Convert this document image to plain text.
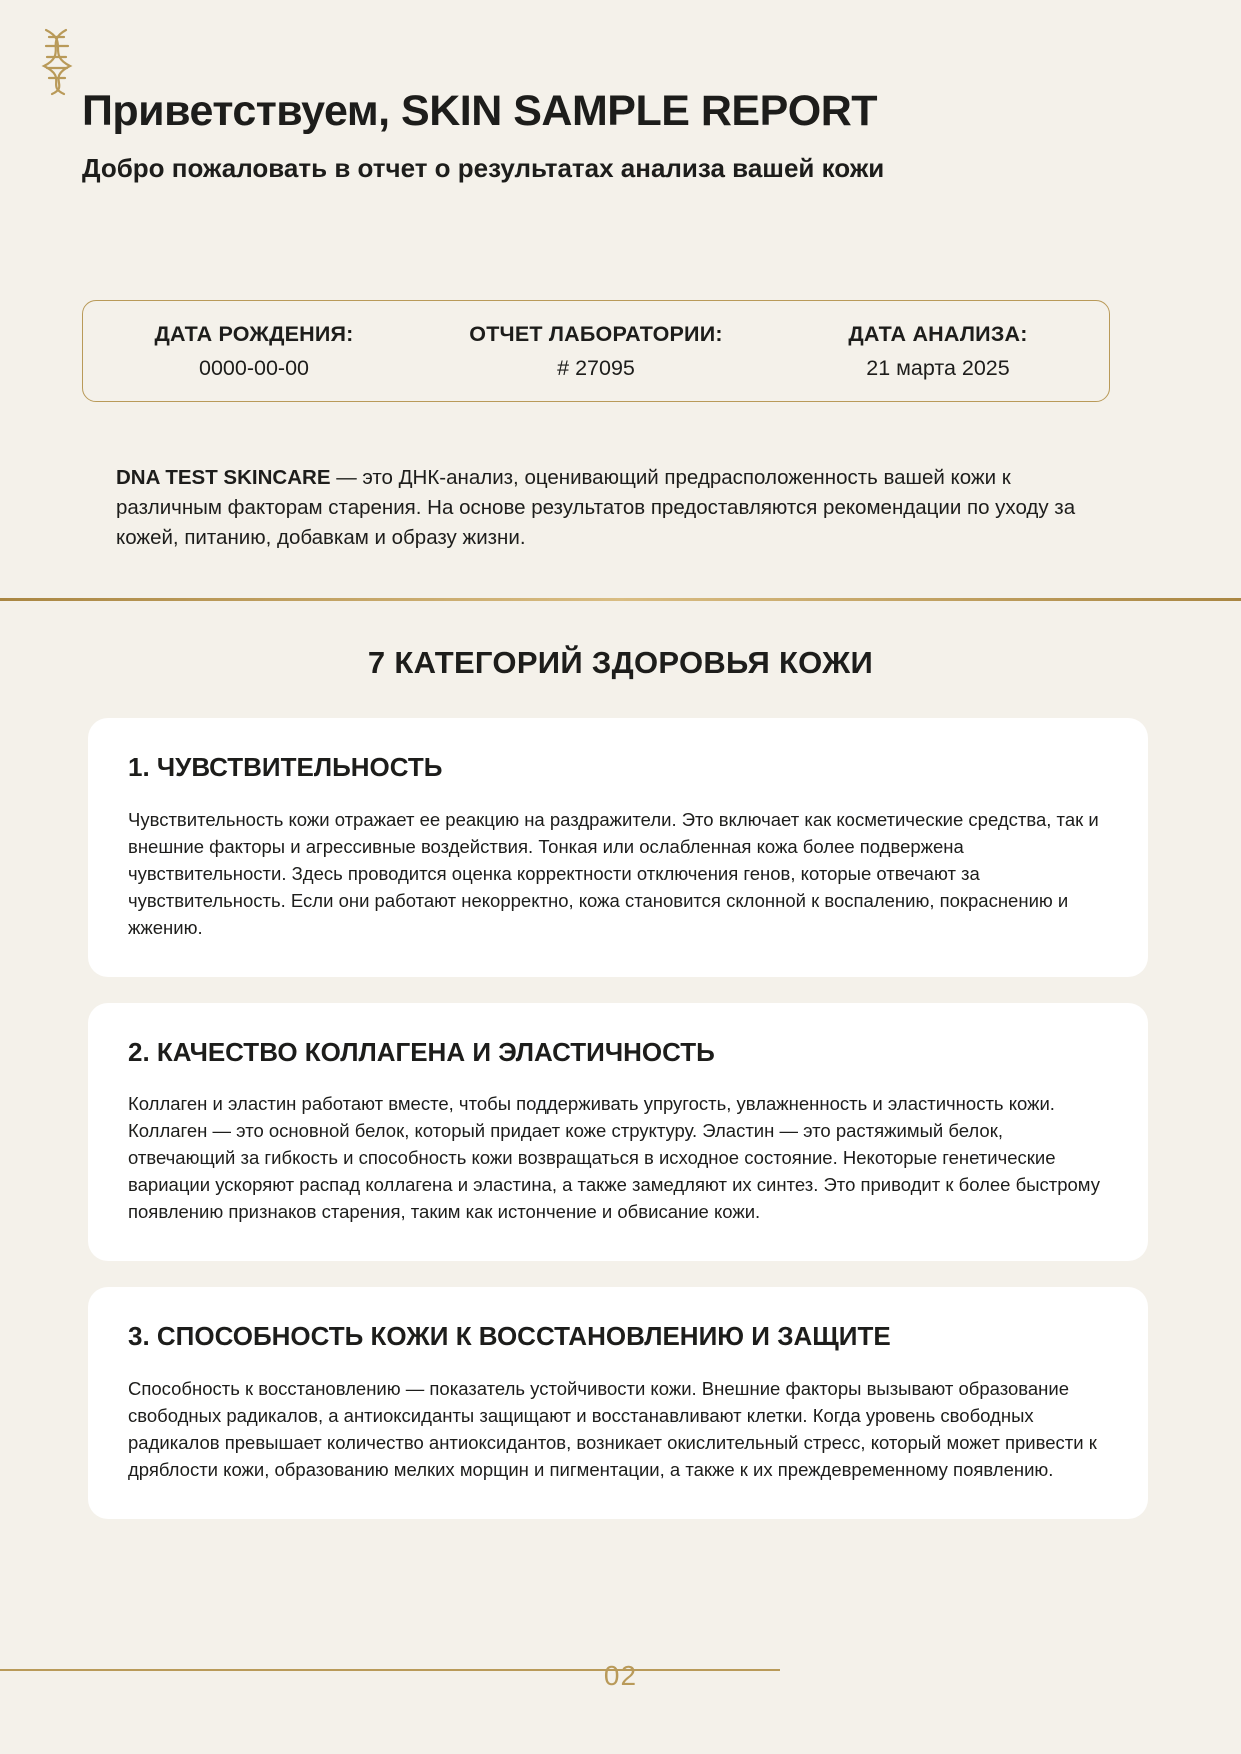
Приветствуем, SKIN SAMPLE REPORT
Добро пожаловать в отчет о результатах анализа вашей кожи
ДАТА РОЖДЕНИЯ:
0000-00-00
ОТЧЕТ ЛАБОРАТОРИИ:
# 27095
ДАТА АНАЛИЗА:
21 марта 2025

DNA TEST SKINCARE — это ДНК-анализ, оценивающий предрасположенность вашей кожи к различным факторам старения. На основе результатов предоставляются рекомендации по уходу за кожей, питанию, добавкам и образу жизни.

7 КАТЕГОРИЙ ЗДОРОВЬЯ КОЖИ
1. ЧУВСТВИТЕЛЬНОСТЬ

Чувствительность кожи отражает ее реакцию на раздражители. Это включает как косметические средства, так и внешние факторы и агрессивные воздействия. Тонкая или ослабленная кожа более подвержена чувствительности. Здесь проводится оценка корректности отключения генов, которые отвечают за чувствительность. Если они работают некорректно, кожа становится склонной к воспалению, покраснению и жжению.

2. КАЧЕСТВО КОЛЛАГЕНА И ЭЛАСТИЧНОСТЬ

Коллаген и эластин работают вместе, чтобы поддерживать упругость, увлажненность и эластичность кожи. Коллаген — это основной белок, который придает коже структуру. Эластин — это растяжимый белок, отвечающий за гибкость и способность кожи возвращаться в исходное состояние. Некоторые генетические вариации ускоряют распад коллагена и эластина, а также замедляют их синтез. Это приводит к более быстрому появлению признаков старения, таким как истончение и обвисание кожи.

3. СПОСОБНОСТЬ КОЖИ К ВОССТАНОВЛЕНИЮ И ЗАЩИТЕ

Способность к восстановлению — показатель устойчивости кожи. Внешние факторы вызывают образование свободных радикалов, а антиоксиданты защищают и восстанавливают клетки. Когда уровень свободных радикалов превышает количество антиоксидантов, возникает окислительный стресс, который может привести к дряблости кожи, образованию мелких морщин и пигментации, а также к их преждевременному появлению.

02
